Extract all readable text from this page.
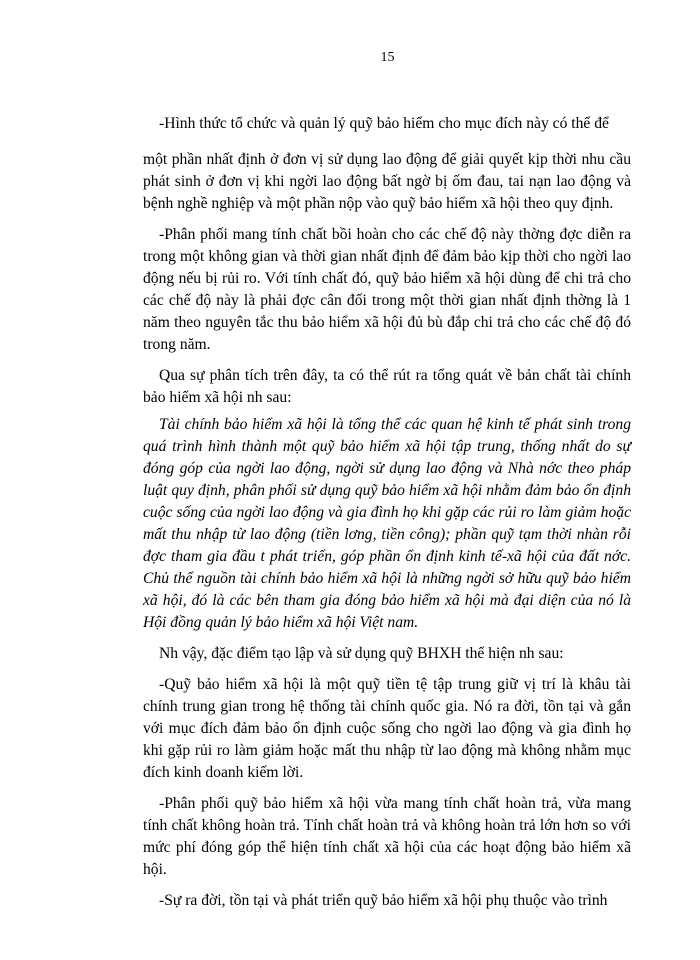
15

-Hình thức tổ chức và quản lý quỹ bảo hiểm cho mục đích này có thể để

một phần nhất định ở đơn vị sử dụng lao động để giải quyết kịp thời nhu cầu phát sinh ở đơn vị khi ngời lao động bất ngờ bị ốm đau, tai nạn lao động và bệnh nghề nghiệp và một phần nộp vào quỹ bảo hiểm xã hội theo quy định.

-Phân phối mang tính chất bồi hoàn cho các chế độ này thờng đợc diễn ra trong một không gian và thời gian nhất định để đảm bảo kịp thời cho ngời lao động nếu bị rủi ro. Với tính chất đó, quỹ bảo hiểm xã hội dùng để chi trả cho các chế độ này là phải đợc cân đối trong một thời gian nhất định thờng là 1 năm theo nguyên tắc thu bảo hiểm xã hội đủ bù đắp chi trả cho các chế độ đó trong năm.

Qua sự phân tích trên đây, ta có thể rút ra tổng quát về bản chất tài chính bảo hiểm xã hội nh sau:

Tài chính bảo hiểm xã hội là tổng thể các quan hệ kinh tế phát sinh trong quá trình hình thành một quỹ bảo hiểm xã hội tập trung, thống nhất do sự đóng góp của ngời lao động, ngời sử dụng lao động và Nhà nớc theo pháp luật quy định, phân phối sử dụng quỹ bảo hiểm xã hội nhằm đảm bảo ổn định cuộc sống của ngời lao động và gia đình họ khi gặp các rủi ro làm giảm hoặc mất thu nhập từ lao động (tiền lơng, tiền công); phần quỹ tạm thời nhàn rỗi đợc tham gia đầu t phát triển, góp phần ổn định kinh tế-xã hội của đất nớc. Chủ thể nguồn tài chính bảo hiểm xã hội là những ngời sở hữu quỹ bảo hiểm xã hội, đó là các bên tham gia đóng bảo hiểm xã hội mà đại diện của nó là Hội đồng quản lý bảo hiểm xã hội Việt nam.

Nh vậy, đặc điểm tạo lập và sử dụng quỹ BHXH thể hiện nh sau:

-Quỹ bảo hiểm xã hội là một quỹ tiền tệ tập trung giữ vị trí là khâu tài chính trung gian trong hệ thống tài chính quốc gia. Nó ra đời, tồn tại và gắn với mục đích đảm bảo ổn định cuộc sống cho ngời lao động và gia đình họ khi gặp rủi ro làm giảm hoặc mất thu nhập từ lao động mà không nhằm mục đích kinh doanh kiếm lời.

-Phân phối quỹ bảo hiểm xã hội vừa mang tính chất hoàn trả, vừa mang tính chất không hoàn trả. Tính chất hoàn trả và không hoàn trả lớn hơn so với mức phí đóng góp thể hiện tính chất xã hội của các hoạt động bảo hiểm xã hội.

-Sự ra đời, tồn tại và phát triển quỹ bảo hiểm xã hội phụ thuộc vào trình
